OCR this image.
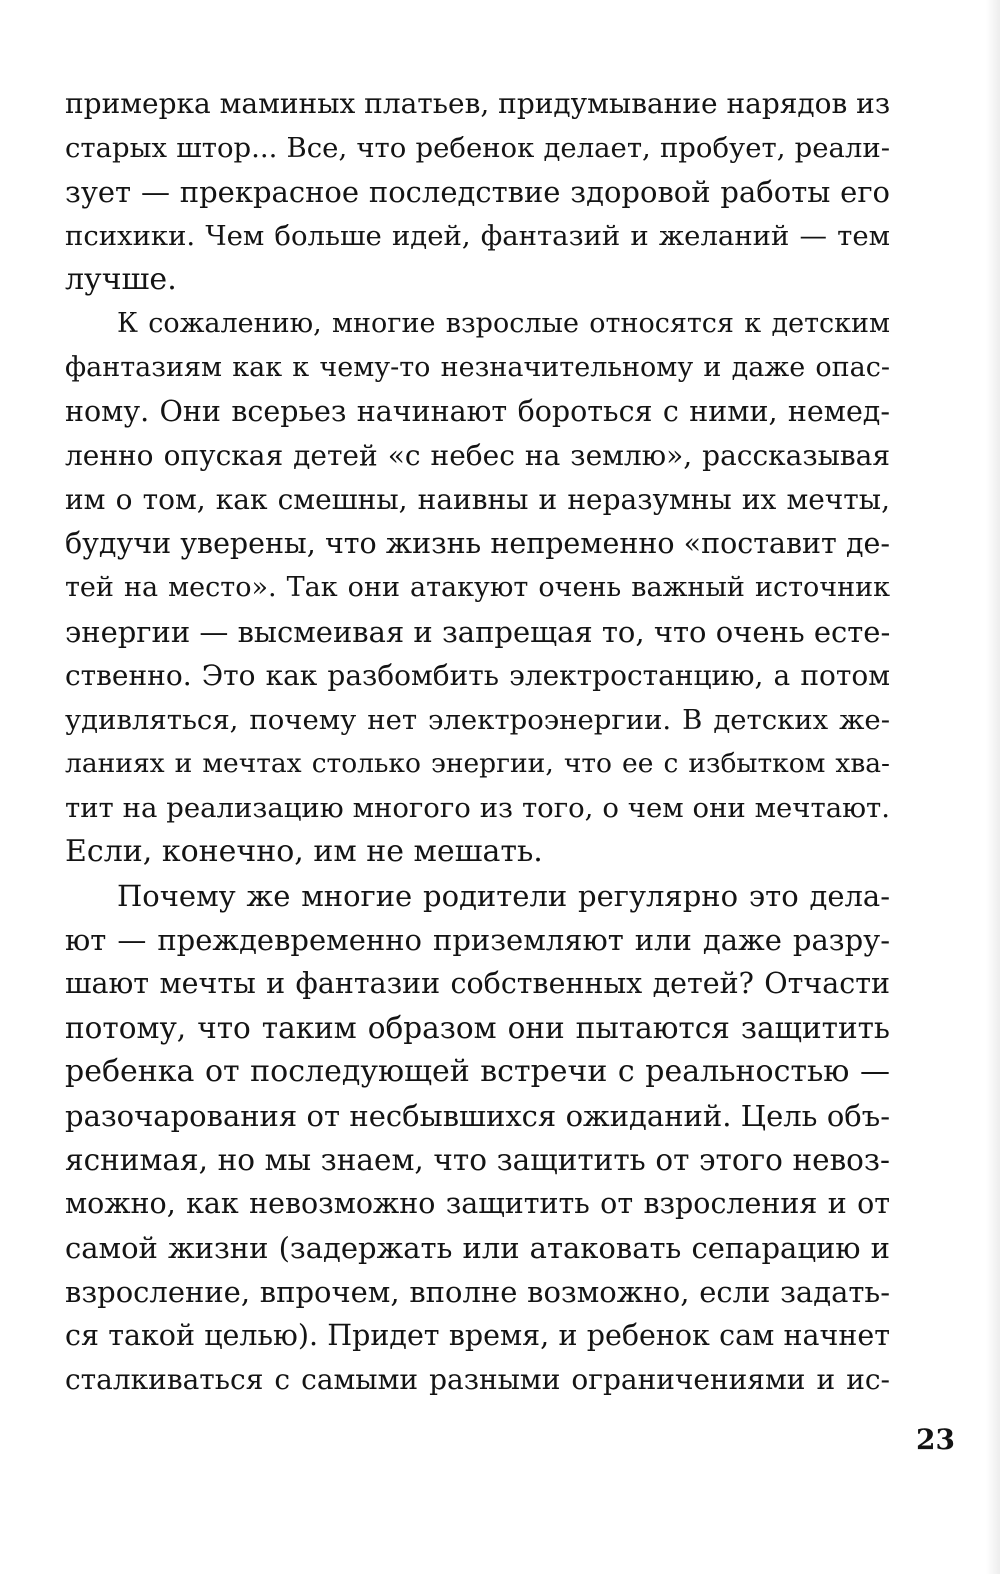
примерка маминых платьев, придумывание нарядов из
старых штор... Все, что ребенок делает, пробует, реали-
зует — прекрасное последствие здоровой работы его
психики. Чем больше идей, фантазий и желаний — тем
лучше.
К сожалению, многие взрослые относятся к детским
фантазиям как к чему-то незначительному и даже опас-
ному. Они всерьез начинают бороться с ними, немед-
ленно опуская детей «с небес на землю», рассказывая
им о том, как смешны, наивны и неразумны их мечты,
будучи уверены, что жизнь непременно «поставит де-
тей на место». Так они атакуют очень важный источник
энергии — высмеивая и запрещая то, что очень есте-
ственно. Это как разбомбить электростанцию, а потом
удивляться, почему нет электроэнергии. В детских же-
ланиях и мечтах столько энергии, что ее с избытком хва-
тит на реализацию многого из того, о чем они мечтают.
Если, конечно, им не мешать.
Почему же многие родители регулярно это дела-
ют — преждевременно приземляют или даже разру-
шают мечты и фантазии собственных детей? Отчасти
потому, что таким образом они пытаются защитить
ребенка от последующей встречи с реальностью —
разочарования от несбывшихся ожиданий. Цель объ-
яснимая, но мы знаем, что защитить от этого невоз-
можно, как невозможно защитить от взросления и от
самой жизни (задержать или атаковать сепарацию и
взросление, впрочем, вполне возможно, если задать-
ся такой целью). Придет время, и ребенок сам начнет
сталкиваться с самыми разными ограничениями и ис-
23
